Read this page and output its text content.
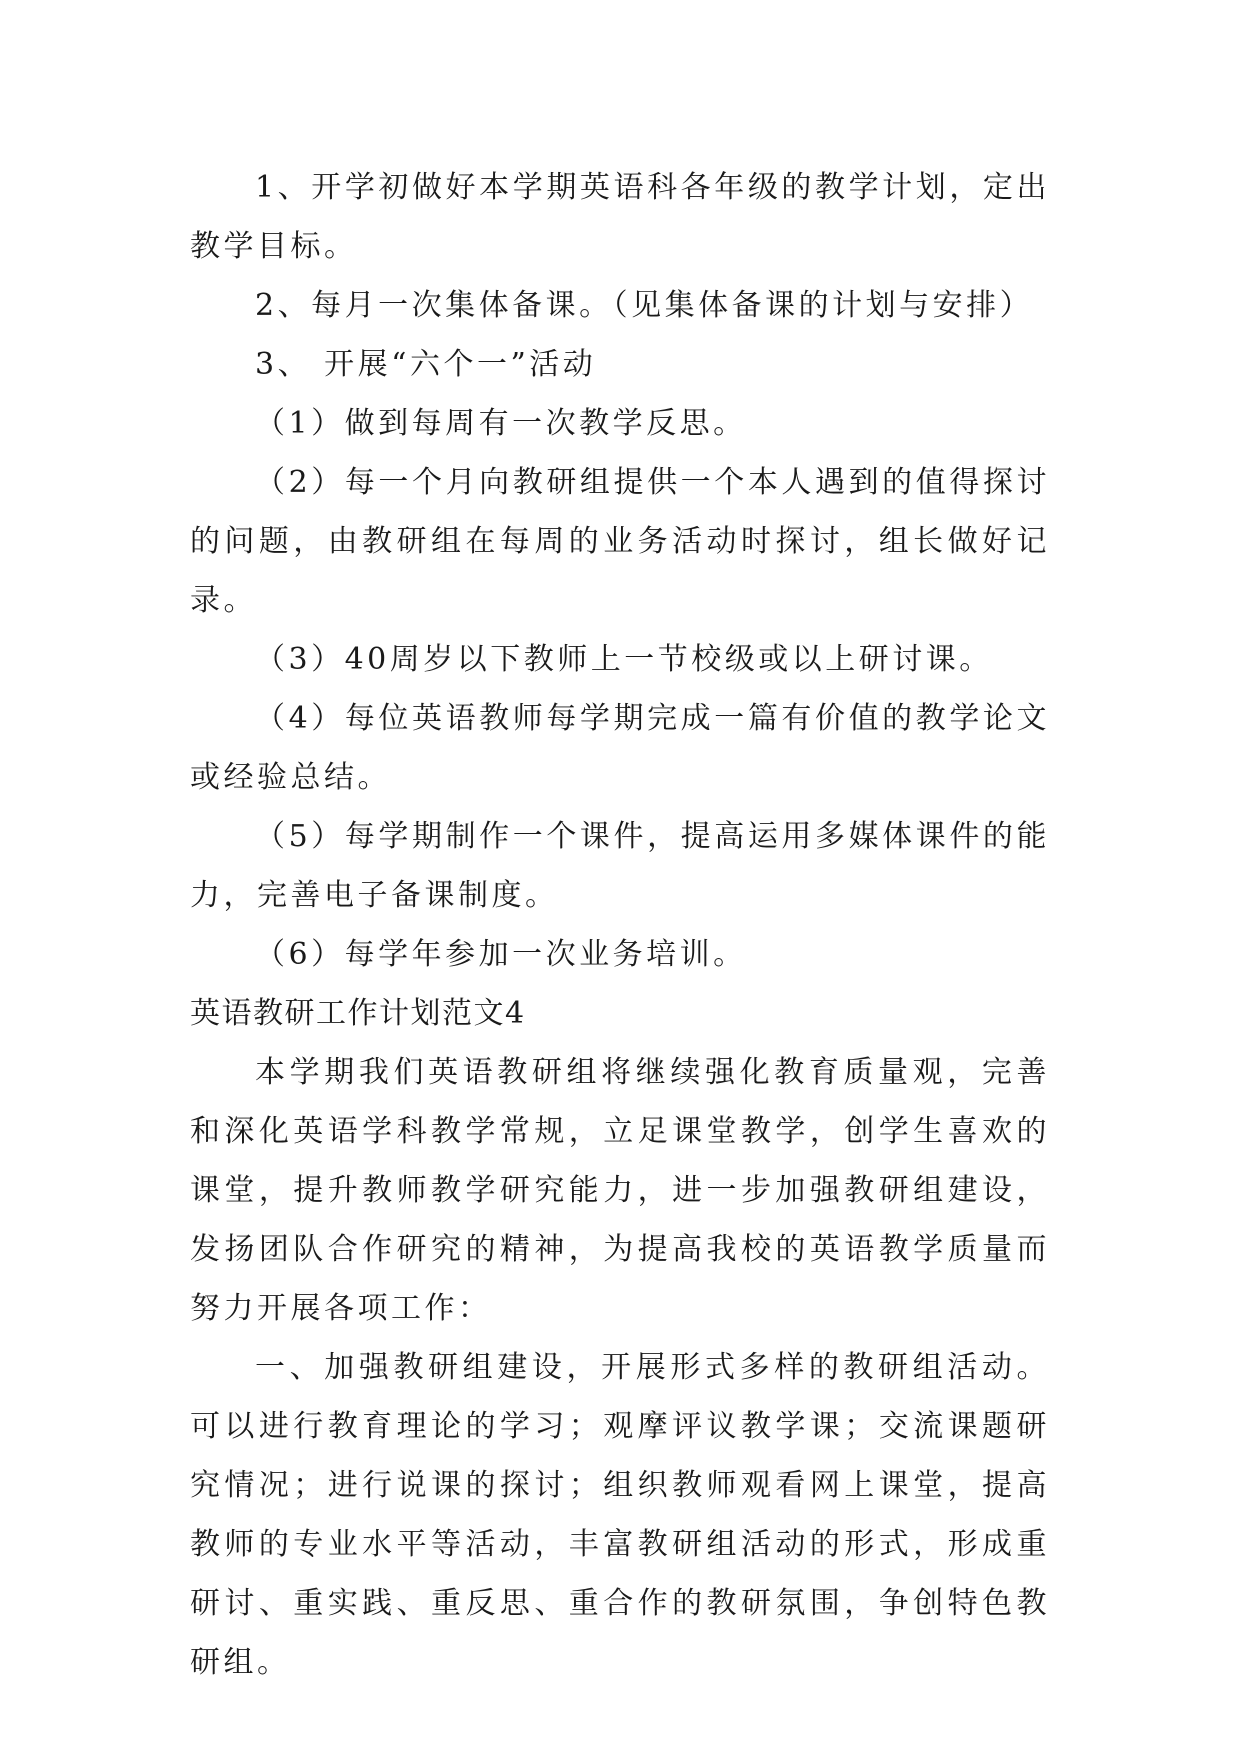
1、开学初做好本学期英语科各年级的教学计划，定出教学目标。

2、每月一次集体备课。（见集体备课的计划与安排）

3、 开展“六个一”活动

（1）做到每周有一次教学反思。

（2）每一个月向教研组提供一个本人遇到的值得探讨的问题，由教研组在每周的业务活动时探讨，组长做好记录。

（3）40周岁以下教师上一节校级或以上研讨课。

（4）每位英语教师每学期完成一篇有价值的教学论文或经验总结。

（5）每学期制作一个课件，提高运用多媒体课件的能力，完善电子备课制度。

（6）每学年参加一次业务培训。

英语教研工作计划范文4

本学期我们英语教研组将继续强化教育质量观，完善和深化英语学科教学常规，立足课堂教学，创学生喜欢的课堂，提升教师教学研究能力，进一步加强教研组建设，发扬团队合作研究的精神，为提高我校的英语教学质量而努力开展各项工作：

一、加强教研组建设，开展形式多样的教研组活动。可以进行教育理论的学习；观摩评议教学课；交流课题研究情况；进行说课的探讨；组织教师观看网上课堂，提高教师的专业水平等活动，丰富教研组活动的形式，形成重研讨、重实践、重反思、重合作的教研氛围，争创特色教研组。
